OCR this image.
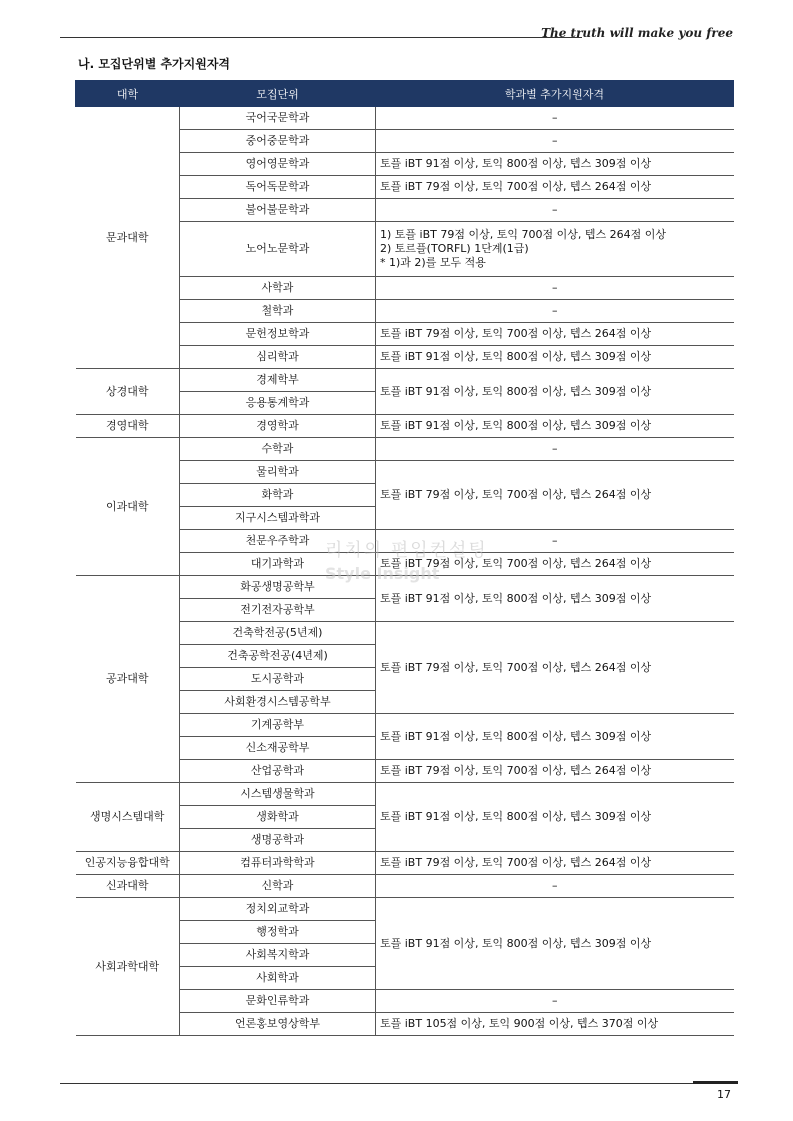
The truth will make you free
나. 모집단위별 추가지원자격
대학	모집단위	학과별 추가지원자격
문과대학	국어국문학과	–
	중어중문학과	–
	영어영문학과	토플 iBT 91점 이상, 토익 800점 이상, 텝스 309점 이상
	독어독문학과	토플 iBT 79점 이상, 토익 700점 이상, 텝스 264점 이상
	불어불문학과	–
	노어노문학과	1) 토플 iBT 79점 이상, 토익 700점 이상, 텝스 264점 이상
2) 토르플(TORFL) 1단계(1급)
* 1)과 2)를 모두 적용

	사학과	–
	철학과	–
	문헌정보학과	토플 iBT 79점 이상, 토익 700점 이상, 텝스 264점 이상
	심리학과	토플 iBT 91점 이상, 토익 800점 이상, 텝스 309점 이상
상경대학	경제학부	토플 iBT 91점 이상, 토익 800점 이상, 텝스 309점 이상
	응용통계학과	
경영대학	경영학과	토플 iBT 91점 이상, 토익 800점 이상, 텝스 309점 이상
이과대학	수학과	–
	물리학과	토플 iBT 79점 이상, 토익 700점 이상, 텝스 264점 이상
	화학과	
	지구시스템과학과	
	천문우주학과	–
	대기과학과	토플 iBT 79점 이상, 토익 700점 이상, 텝스 264점 이상
공과대학	화공생명공학부	토플 iBT 91점 이상, 토익 800점 이상, 텝스 309점 이상
	전기전자공학부	
	건축학전공(5년제)	토플 iBT 79점 이상, 토익 700점 이상, 텝스 264점 이상
	건축공학전공(4년제)	
	도시공학과	
	사회환경시스템공학부	
	기계공학부	토플 iBT 91점 이상, 토익 800점 이상, 텝스 309점 이상
	신소재공학부	
	산업공학과	토플 iBT 79점 이상, 토익 700점 이상, 텝스 264점 이상
생명시스템대학	시스템생물학과	토플 iBT 91점 이상, 토익 800점 이상, 텝스 309점 이상
	생화학과	
	생명공학과	
인공지능융합대학	컴퓨터과학학과	토플 iBT 79점 이상, 토익 700점 이상, 텝스 264점 이상
신과대학	신학과	–
사회과학대학	정치외교학과	토플 iBT 91점 이상, 토익 800점 이상, 텝스 309점 이상
	행정학과	
	사회복지학과	
	사회학과	
	문화인류학과	–
	언론홍보영상학부	토플 iBT 105점 이상, 토익 900점 이상, 텝스 370점 이상
리치의 편입컨설팅
Style Insight
17
